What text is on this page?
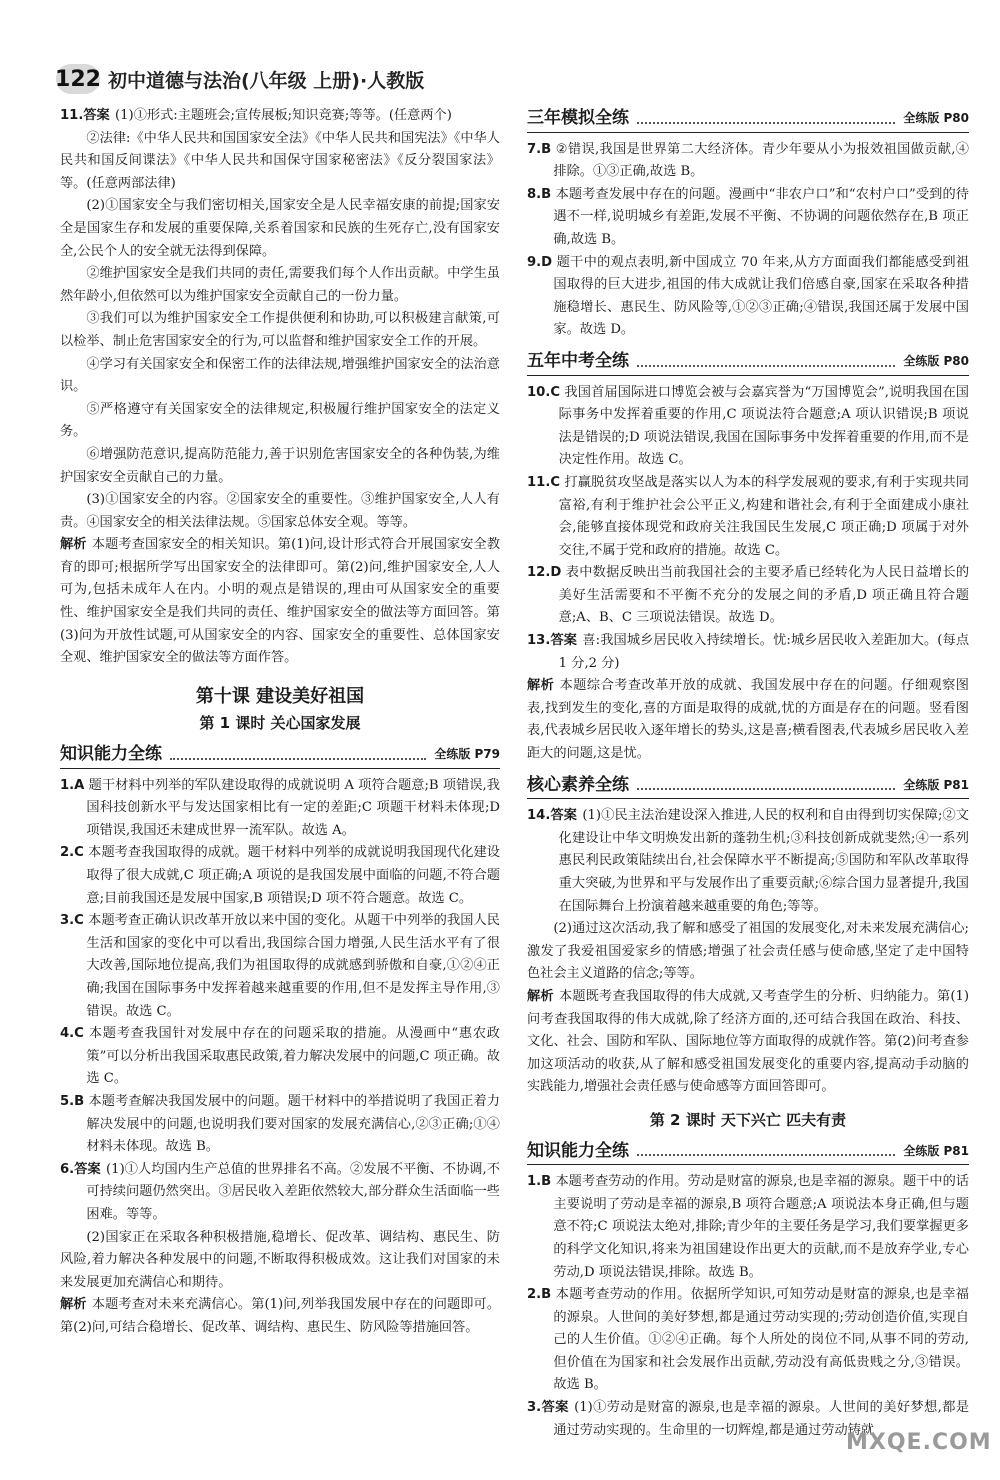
122 初中道德与法治(八年级 上册)·人教版

11.答案 (1)①形式:主题班会;宣传展板;知识竞赛;等等。(任意两个)

②法律:《中华人民共和国国家安全法》《中华人民共和国宪法》《中华人民共和国反间谍法》《中华人民共和国保守国家秘密法》《反分裂国家法》等。(任意两部法律)

(2)①国家安全与我们密切相关,国家安全是人民幸福安康的前提;国家安全是国家生存和发展的重要保障,关系着国家和民族的生死存亡,没有国家安全,公民个人的安全就无法得到保障。

②维护国家安全是我们共同的责任,需要我们每个人作出贡献。中学生虽然年龄小,但依然可以为维护国家安全贡献自己的一份力量。

③我们可以为维护国家安全工作提供便利和协助,可以积极建言献策,可以检举、制止危害国家安全的行为,可以监督和维护国家安全工作的开展。

④学习有关国家安全和保密工作的法律法规,增强维护国家安全的法治意识。

⑤严格遵守有关国家安全的法律规定,积极履行维护国家安全的法定义务。

⑥增强防范意识,提高防范能力,善于识别危害国家安全的各种伪装,为维护国家安全贡献自己的力量。

(3)①国家安全的内容。②国家安全的重要性。③维护国家安全,人人有责。④国家安全的相关法律法规。⑤国家总体安全观。等等。

解析 本题考查国家安全的相关知识。第(1)问,设计形式符合开展国家安全教育的即可;根据所学写出国家安全的法律即可。第(2)问,维护国家安全,人人可为,包括未成年人在内。小明的观点是错误的,理由可从国家安全的重要性、维护国家安全是我们共同的责任、维护国家安全的做法等方面回答。第(3)问为开放性试题,可从国家安全的内容、国家安全的重要性、总体国家安全观、维护国家安全的做法等方面作答。

第十课 建设美好祖国
第 1 课时 关心国家发展
知识能力全练	全练版 P79

1.A 题干材料中列举的军队建设取得的成就说明 A 项符合题意;B 项错误,我国科技创新水平与发达国家相比有一定的差距;C 项题干材料未体现;D 项错误,我国还未建成世界一流军队。故选 A。

2.C 本题考查我国取得的成就。题干材料中列举的成就说明我国现代化建设取得了很大成就,C 项正确;A 项说的是我国发展中面临的问题,不符合题意;目前我国还是发展中国家,B 项错误;D 项不符合题意。故选 C。

3.C 本题考查正确认识改革开放以来中国的变化。从题干中列举的我国人民生活和国家的变化中可以看出,我国综合国力增强,人民生活水平有了很大改善,国际地位提高,我们为祖国取得的成就感到骄傲和自豪,①②④正确;我国在国际事务中发挥着越来越重要的作用,但不是发挥主导作用,③错误。故选 C。

4.C 本题考查我国针对发展中存在的问题采取的措施。从漫画中“惠农政策”可以分析出我国采取惠民政策,着力解决发展中的问题,C 项正确。故选 C。

5.B 本题考查解决我国发展中的问题。题干材料中的举措说明了我国正着力解决发展中的问题,也说明我们要对国家的发展充满信心,②③正确;①④材料未体现。故选 B。

6.答案 (1)①人均国内生产总值的世界排名不高。②发展不平衡、不协调,不可持续问题仍然突出。③居民收入差距依然较大,部分群众生活面临一些困难。等等。

(2)国家正在采取各种积极措施,稳增长、促改革、调结构、惠民生、防风险,着力解决各种发展中的问题,不断取得积极成效。这让我们对国家的未来发展更加充满信心和期待。

解析 本题考查对未来充满信心。第(1)问,列举我国发展中存在的问题即可。第(2)问,可结合稳增长、促改革、调结构、惠民生、防风险等措施回答。

三年模拟全练	全练版 P80

7.B ②错误,我国是世界第二大经济体。青少年要从小为报效祖国做贡献,④排除。①③正确,故选 B。

8.B 本题考查发展中存在的问题。漫画中“非农户口”和“农村户口”受到的待遇不一样,说明城乡有差距,发展不平衡、不协调的问题依然存在,B 项正确,故选 B。

9.D 题干中的观点表明,新中国成立 70 年来,从方方面面我们都能感受到祖国取得的巨大进步,祖国的伟大成就让我们倍感自豪,国家在采取各种措施稳增长、惠民生、防风险等,①②③正确;④错误,我国还属于发展中国家。故选 D。

五年中考全练	全练版 P80

10.C 我国首届国际进口博览会被与会嘉宾誉为“万国博览会”,说明我国在国际事务中发挥着重要的作用,C 项说法符合题意;A 项认识错误;B 项说法是错误的;D 项说法错误,我国在国际事务中发挥着重要的作用,而不是决定性作用。故选 C。

11.C 打赢脱贫攻坚战是落实以人为本的科学发展观的要求,有利于实现共同富裕,有利于维护社会公平正义,构建和谐社会,有利于全面建成小康社会,能够直接体现党和政府关注我国民生发展,C 项正确;D 项属于对外交往,不属于党和政府的措施。故选 C。

12.D 表中数据反映出当前我国社会的主要矛盾已经转化为人民日益增长的美好生活需要和不平衡不充分的发展之间的矛盾,D 项正确且符合题意;A、B、C 三项说法错误。故选 D。

13.答案 喜:我国城乡居民收入持续增长。忧:城乡居民收入差距加大。(每点 1 分,2 分)

解析 本题综合考查改革开放的成就、我国发展中存在的问题。仔细观察图表,找到发生的变化,喜的方面是取得的成就,忧的方面是存在的问题。竖看图表,代表城乡居民收入逐年增长的势头,这是喜;横看图表,代表城乡居民收入差距大的问题,这是忧。

核心素养全练	全练版 P81

14.答案 (1)①民主法治建设深入推进,人民的权利和自由得到切实保障;②文化建设让中华文明焕发出新的蓬勃生机;③科技创新成就斐然;④一系列惠民利民政策陆续出台,社会保障水平不断提高;⑤国防和军队改革取得重大突破,为世界和平与发展作出了重要贡献;⑥综合国力显著提升,我国在国际舞台上扮演着越来越重要的角色;等等。

(2)通过这次活动,我了解和感受了祖国的发展变化,对未来发展充满信心;激发了我爱祖国爱家乡的情感;增强了社会责任感与使命感,坚定了走中国特色社会主义道路的信念;等等。

解析 本题既考查我国取得的伟大成就,又考查学生的分析、归纳能力。第(1)问考查我国取得的伟大成就,除了经济方面的,还可结合我国在政治、科技、文化、社会、国防和军队、国际地位等方面取得的成就作答。第(2)问考查参加这项活动的收获,从了解和感受祖国发展变化的重要内容,提高动手动脑的实践能力,增强社会责任感与使命感等方面回答即可。

第 2 课时 天下兴亡 匹夫有责
知识能力全练	全练版 P81

1.B 本题考查劳动的作用。劳动是财富的源泉,也是幸福的源泉。题干中的话主要说明了劳动是幸福的源泉,B 项符合题意;A 项说法本身正确,但与题意不符;C 项说法太绝对,排除;青少年的主要任务是学习,我们要掌握更多的科学文化知识,将来为祖国建设作出更大的贡献,而不是放弃学业,专心劳动,D 项说法错误,排除。故选 B。

2.B 本题考查劳动的作用。依据所学知识,可知劳动是财富的源泉,也是幸福的源泉。人世间的美好梦想,都是通过劳动实现的;劳动创造价值,实现自己的人生价值。①②④正确。每个人所处的岗位不同,从事不同的劳动,但价值在为国家和社会发展作出贡献,劳动没有高低贵贱之分,③错误。故选 B。

3.答案 (1)①劳动是财富的源泉,也是幸福的源泉。人世间的美好梦想,都是通过劳动实现的。生命里的一切辉煌,都是通过劳动铸就

MXQE.COM
